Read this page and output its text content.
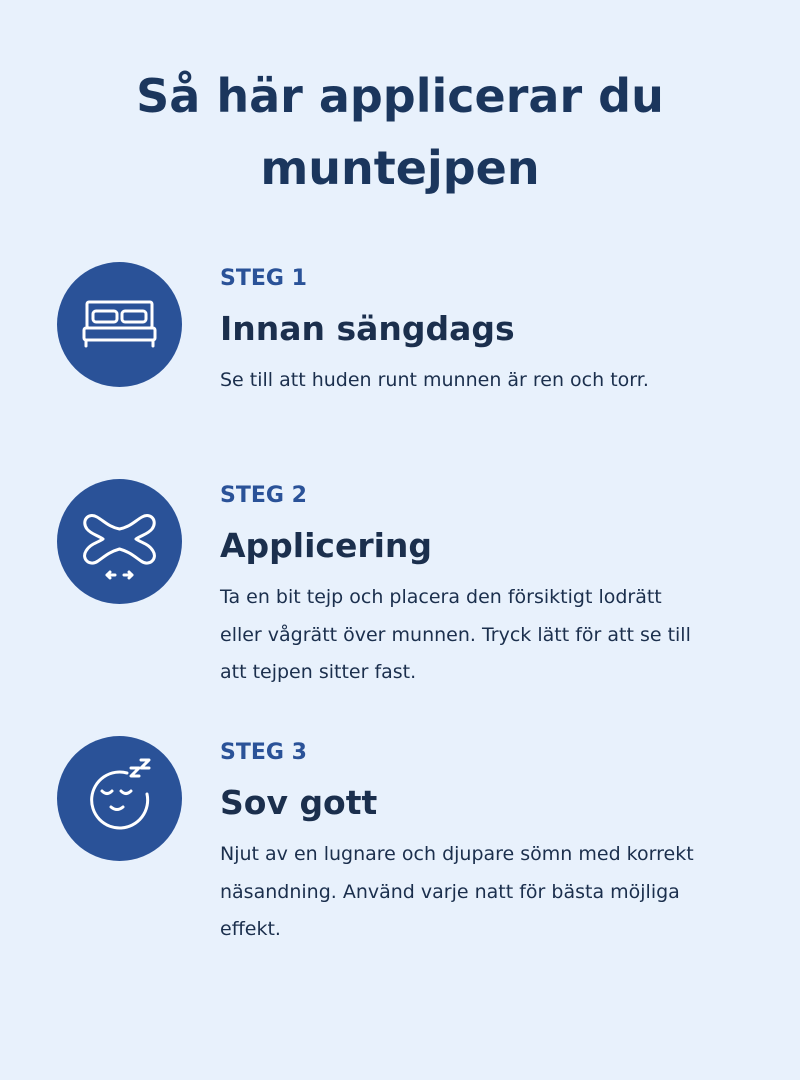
Så här applicerar du muntejpen
STEG 1
Innan sängdags

Se till att huden runt munnen är ren och torr.

STEG 2
Applicering

Ta en bit tejp och placera den försiktigt lodrätt eller vågrätt över munnen. Tryck lätt för att se till att tejpen sitter fast.

STEG 3
Sov gott

Njut av en lugnare och djupare sömn med korrekt näsandning. Använd varje natt för bästa möjliga effekt.
